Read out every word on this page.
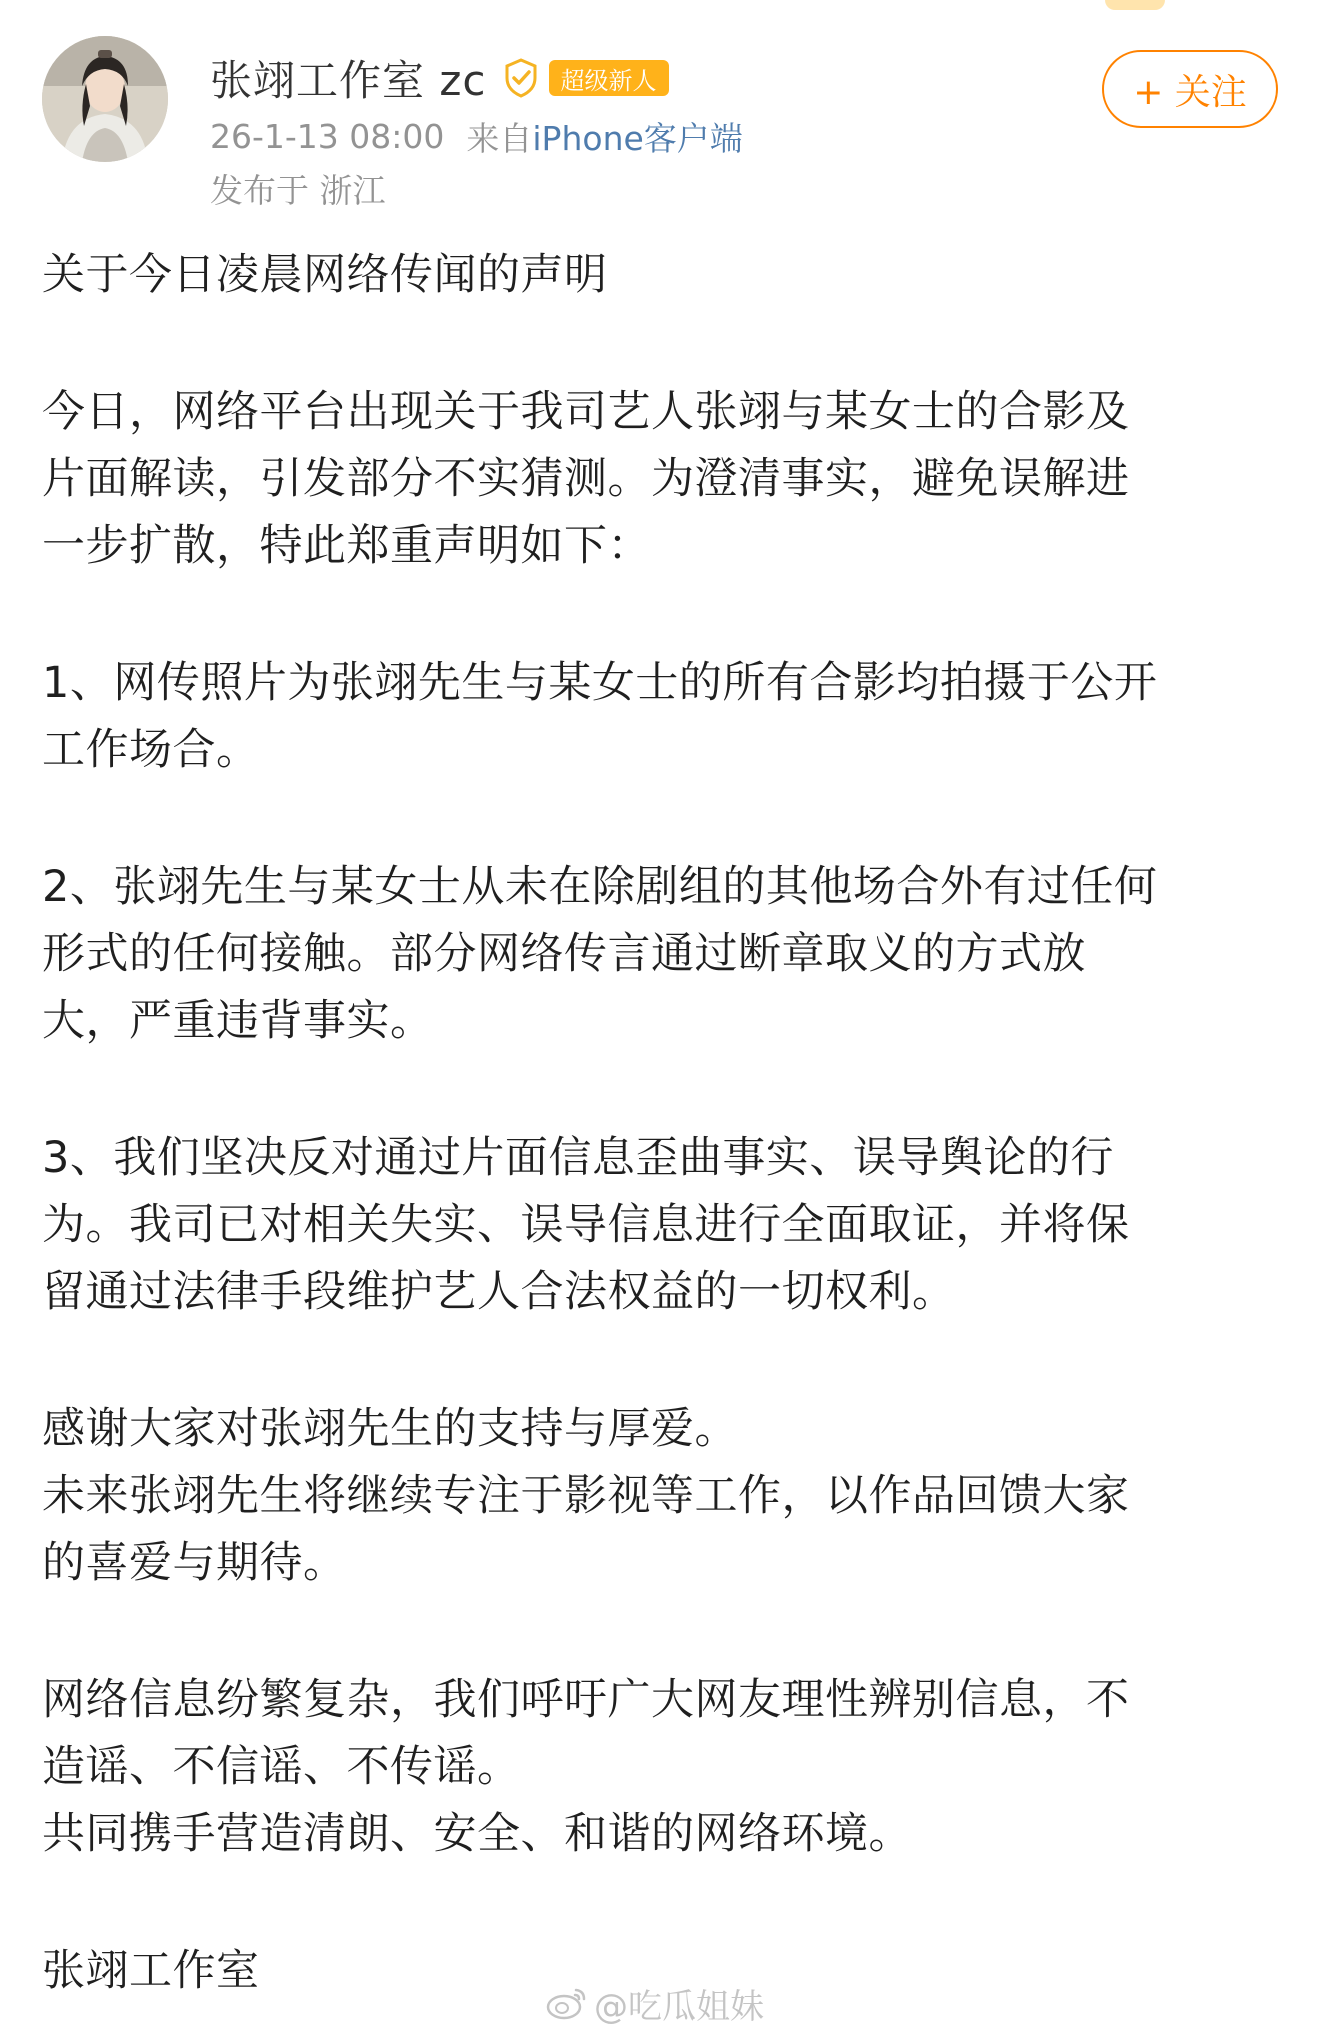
张翊工作室 zc	超级新人
26-1-13 08:00 来自 iPhone客户端
发布于 浙江
+ 关注

关于今日凌晨网络传闻的声明

今日，网络平台出现关于我司艺人张翊与某女士的合影及
片面解读，引发部分不实猜测。为澄清事实，避免误解进
一步扩散，特此郑重声明如下：

1、网传照片为张翊先生与某女士的所有合影均拍摄于公开
工作场合。

2、张翊先生与某女士从未在除剧组的其他场合外有过任何
形式的任何接触。部分网络传言通过断章取义的方式放
大，严重违背事实。

3、我们坚决反对通过片面信息歪曲事实、误导舆论的行
为。我司已对相关失实、误导信息进行全面取证，并将保
留通过法律手段维护艺人合法权益的一切权利。

感谢大家对张翊先生的支持与厚爱。
未来张翊先生将继续专注于影视等工作，以作品回馈大家
的喜爱与期待。

网络信息纷繁复杂，我们呼吁广大网友理性辨别信息，不
造谣、不信谣、不传谣。
共同携手营造清朗、安全、和谐的网络环境。

张翊工作室

@吃瓜姐妹
